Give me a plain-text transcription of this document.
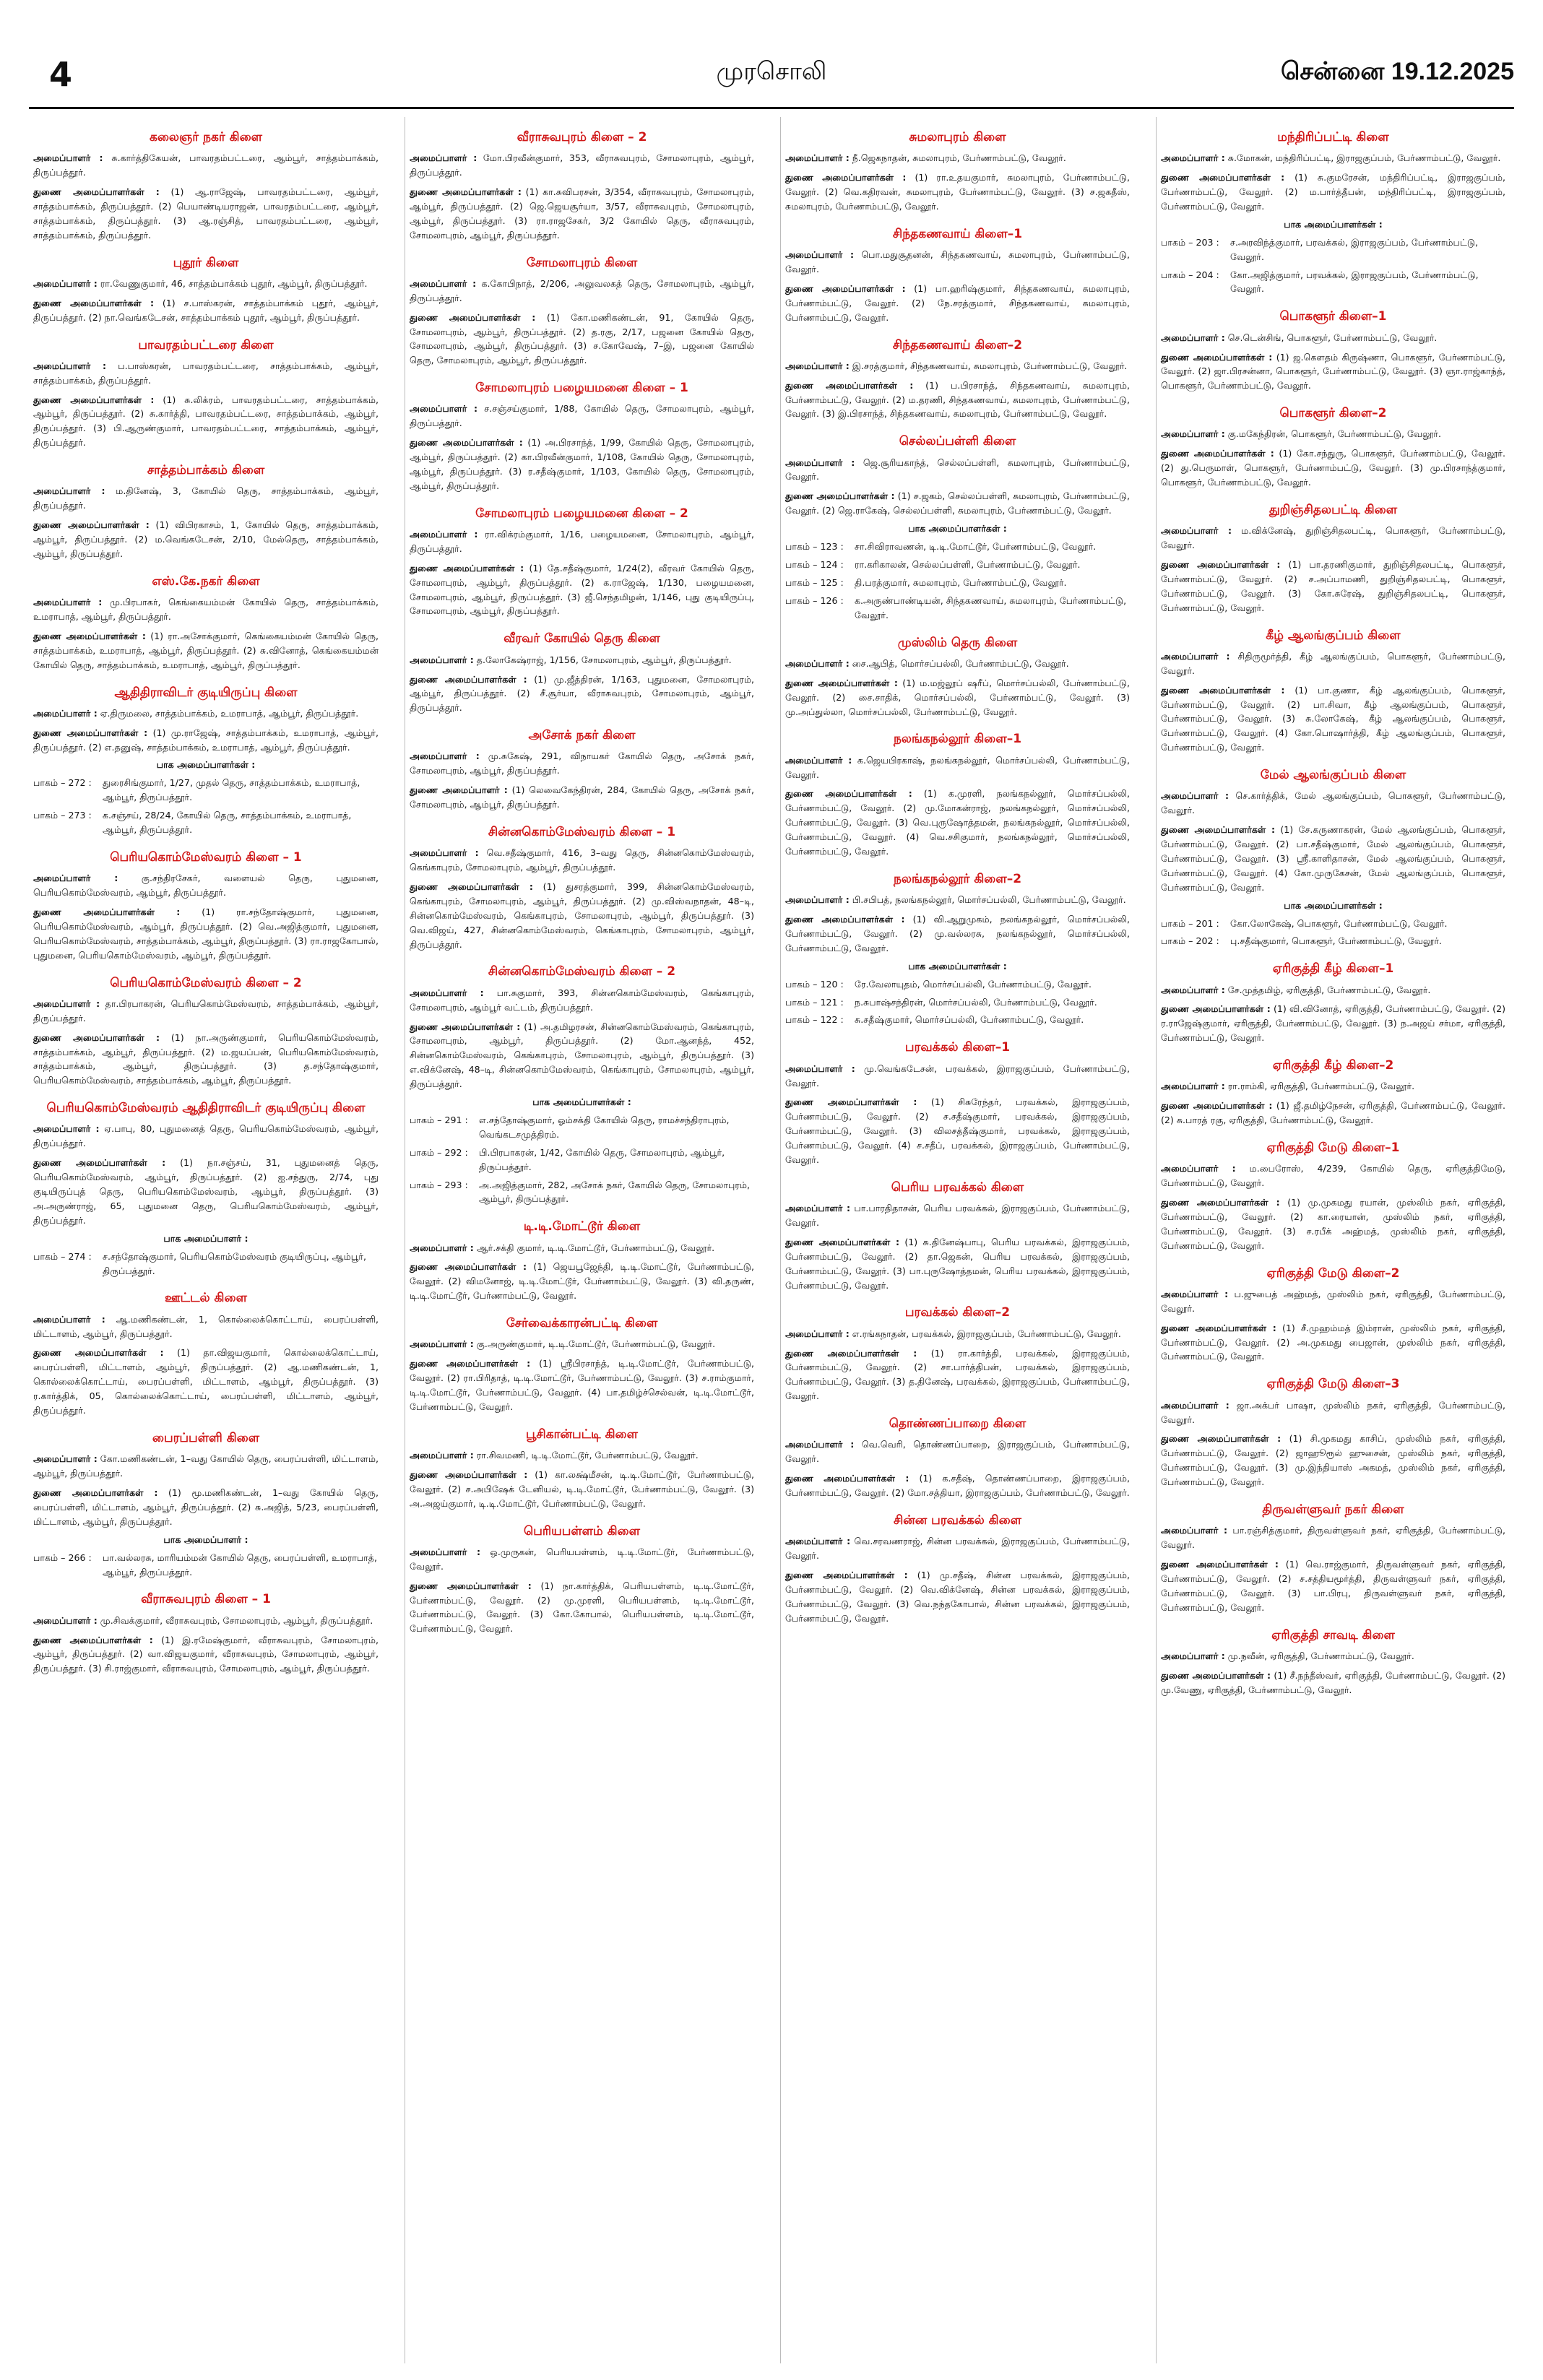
4	முரசொலி	சென்னை 19.12.2025
கலைஞர் நகர் கிளை
அமைப்பாளர் : சு.கார்த்திகேயன், பாவரதம்பட்டரை, ஆம்பூர், சாத்தம்பாக்கம், திருப்பத்தூர்.
துணை அமைப்பாளர்கள் : (1) ஆ.ராஜேஷ், பாவரதம்பட்டரை, ஆம்பூர், சாத்தம்பாக்கம், திருப்பத்தூர். (2) பெயாண்டியராஜன், பாவரதம்பட்டரை, ஆம்பூர், சாத்தம்பாக்கம், திருப்பத்தூர். (3) ஆ.ரஞ்சித், பாவரதம்பட்டரை, ஆம்பூர், சாத்தம்பாக்கம், திருப்பத்தூர்.
புதூர் கிளை
அமைப்பாளர் : ரா.வேணுகுமார், 46, சாத்தம்பாக்கம் புதூர், ஆம்பூர், திருப்பத்தூர்.
துணை அமைப்பாளர்கள் : (1) ச.பாஸ்கரன், சாத்தம்பாக்கம் புதூர், ஆம்பூர், திருப்பத்தூர். (2) நா.வெங்கடேசன், சாத்தம்பாக்கம் புதூர், ஆம்பூர், திருப்பத்தூர்.
பாவரதம்பட்டரை கிளை
அமைப்பாளர் : ப.பாஸ்கரன், பாவரதம்பட்டரை, சாத்தம்பாக்கம், ஆம்பூர், சாத்தம்பாக்கம், திருப்பத்தூர்.
துணை அமைப்பாளர்கள் : (1) சு.லிக்ரம், பாவரதம்பட்டரை, சாத்தம்பாக்கம், ஆம்பூர், திருப்பத்தூர். (2) சு.கார்த்தி, பாவரதம்பட்டரை, சாத்தம்பாக்கம், ஆம்பூர், திருப்பத்தூர். (3) பி.ஆருண்குமார், பாவரதம்பட்டரை, சாத்தம்பாக்கம், ஆம்பூர், திருப்பத்தூர்.
சாத்தம்பாக்கம் கிளை
அமைப்பாளர் : ம.தினேஷ், 3, கோயில் தெரு, சாத்தம்பாக்கம், ஆம்பூர், திருப்பத்தூர்.
துணை அமைப்பாளர்கள் : (1) விபிரகாசம், 1, கோயில் தெரு, சாத்தம்பாக்கம், ஆம்பூர், திருப்பத்தூர். (2) ம.வெங்கடேசன், 2/10, மேல்தெரு, சாத்தம்பாக்கம், ஆம்பூர், திருப்பத்தூர்.
எஸ்.கே.நகர் கிளை
அமைப்பாளர் : மு.பிரபாகர், கெங்கையம்மன் கோயில் தெரு, சாத்தம்பாக்கம், உமராபாத், ஆம்பூர், திருப்பத்தூர்.
துணை அமைப்பாளர்கள் : (1) ரா.அசோக்குமார், கெங்கையம்மன் கோயில் தெரு, சாத்தம்பாக்கம், உமராபாத், ஆம்பூர், திருப்பத்தூர். (2) சு.வினோத், கெங்கையம்மன் கோயில் தெரு, சாத்தம்பாக்கம், உமராபாத், ஆம்பூர், திருப்பத்தூர்.
ஆதிதிராவிடர் குடியிருப்பு கிளை
அமைப்பாளர் : ஏ.திருமலை, சாத்தம்பாக்கம், உமராபாத், ஆம்பூர், திருப்பத்தூர்.
துணை அமைப்பாளர்கள் : (1) மு.ராஜேஷ், சாத்தம்பாக்கம், உமராபாத், ஆம்பூர், திருப்பத்தூர். (2) எ.தனுஷ், சாத்தம்பாக்கம், உமராபாத், ஆம்பூர், திருப்பத்தூர்.
பாக அமைப்பாளர்கள் :
பாகம் – 272 :	துரைசிங்குமார், 1/27, முதல் தெரு, சாத்தம்பாக்கம், உமராபாத், ஆம்பூர், திருப்பத்தூர்.
பாகம் – 273 :	க.சஞ்சய், 28/24, கோயில் தெரு, சாத்தம்பாக்கம், உமராபாத், ஆம்பூர், திருப்பத்தூர்.
பெரியகொம்மேஸ்வரம் கிளை – 1
அமைப்பாளர் : கு.சந்திரசேகர், வளையல் தெரு, புதுமனை, பெரியகொம்மேஸ்வரம், ஆம்பூர், திருப்பத்தூர்.
துணை அமைப்பாளர்கள் : (1) ரா.சந்தோஷ்குமார், புதுமனை, பெரியகொம்மேஸ்வரம், ஆம்பூர், திருப்பத்தூர். (2) வெ.அஜித்குமார், புதுமனை, பெரியகொம்மேஸ்வரம், சாத்தம்பாக்கம், ஆம்பூர், திருப்பத்தூர். (3) ரா.ராஜகோபால், புதுமனை, பெரியகொம்மேஸ்வரம், ஆம்பூர், திருப்பத்தூர்.
பெரியகொம்மேஸ்வரம் கிளை – 2
அமைப்பாளர் : தா.பிரபாகரன், பெரியகொம்மேஸ்வரம், சாத்தம்பாக்கம், ஆம்பூர், திருப்பத்தூர்.
துணை அமைப்பாளர்கள் : (1) நா.அருண்குமார், பெரியகொம்மேஸ்வரம், சாத்தம்பாக்கம், ஆம்பூர், திருப்பத்தூர். (2) ம.ஜயப்பன், பெரியகொம்மேஸ்வரம், சாத்தம்பாக்கம், ஆம்பூர், திருப்பத்தூர். (3) த.சந்தோஷ்குமார், பெரியகொம்மேஸ்வரம், சாத்தம்பாக்கம், ஆம்பூர், திருப்பத்தூர்.
பெரியகொம்மேஸ்வரம் ஆதிதிராவிடர் குடியிருப்பு கிளை
அமைப்பாளர் : ஏ.பாபு, 80, புதுமனைத் தெரு, பெரியகொம்மேஸ்வரம், ஆம்பூர், திருப்பத்தூர்.
துணை அமைப்பாளர்கள் : (1) நா.சஞ்சய், 31, புதுமனைத் தெரு, பெரியகொம்மேஸ்வரம், ஆம்பூர், திருப்பத்தூர். (2) ஐ.சந்துரு, 2/74, புது குடியிருப்புத் தெரு, பெரியகொம்மேஸ்வரம், ஆம்பூர், திருப்பத்தூர். (3) அ.அருண்ராஜ், 65, புதுமனை தெரு, பெரியகொம்மேஸ்வரம், ஆம்பூர், திருப்பத்தூர்.
பாக அமைப்பாளர் :
பாகம் – 274 :	ச.சந்தோஷ்குமார், பெரியகொம்மேஸ்வரம் குடியிருப்பு, ஆம்பூர், திருப்பத்தூர்.
ஊட்டல் கிளை
அமைப்பாளர் : ஆ.மணிகண்டன், 1, கொல்லைக்கொட்டாய், பைரப்பள்ளி, மிட்டாளம், ஆம்பூர், திருப்பத்தூர்.
துணை அமைப்பாளர்கள் : (1) தா.விஜயகுமார், கொல்லைக்கொட்டாய், பைரப்பள்ளி, மிட்டாளம், ஆம்பூர், திருப்பத்தூர். (2) ஆ.மணிகண்டன், 1, கொல்லைக்கொட்டாய், பைரப்பள்ளி, மிட்டாளம், ஆம்பூர், திருப்பத்தூர். (3) ர.கார்த்திக், 05, கொல்லைக்கொட்டாய், பைரப்பள்ளி, மிட்டாளம், ஆம்பூர், திருப்பத்தூர்.
பைரப்பள்ளி கிளை
அமைப்பாளர் : கோ.மணிகண்டன், 1–வது கோயில் தெரு, பைரப்பள்ளி, மிட்டாளம், ஆம்பூர், திருப்பத்தூர்.
துணை அமைப்பாளர்கள் : (1) மூ.மணிகண்டன், 1–வது கோயில் தெரு, பைரப்பள்ளி, மிட்டாளம், ஆம்பூர், திருப்பத்தூர். (2) சு.அஜித், 5/23, பைரப்பள்ளி, மிட்டாளம், ஆம்பூர், திருப்பத்தூர்.
பாக அமைப்பாளர் :
பாகம் – 266 :	பா.வல்லரசு, மாரியம்மன் கோயில் தெரு, பைரப்பள்ளி, உமராபாத், ஆம்பூர், திருப்பத்தூர்.
வீராசுவபுரம் கிளை – 1
அமைப்பாளர் : மு.சிவக்குமார், வீராசுவபுரம், சோமலாபுரம், ஆம்பூர், திருப்பத்தூர்.
துணை அமைப்பாளர்கள் : (1) இ.ரமேஷ்குமார், வீராசுவபுரம், சோமலாபுரம், ஆம்பூர், திருப்பத்தூர். (2) வா.விஜயகுமார், வீராசுவபுரம், சோமலாபுரம், ஆம்பூர், திருப்பத்தூர். (3) சி.ராஜ்குமார், வீராசுவபுரம், சோமலாபுரம், ஆம்பூர், திருப்பத்தூர்.
வீராசுவபுரம் கிளை – 2
அமைப்பாளர் : மோ.பிரவீன்குமார், 353, வீராசுவபுரம், சோமலாபுரம், ஆம்பூர், திருப்பத்தூர்.
துணை அமைப்பாளர்கள் : (1) கா.சுவிபரசன், 3/354, வீராசுவபுரம், சோமலாபுரம், ஆம்பூர், திருப்பத்தூர். (2) ஜெ.ஜெயசூர்யா, 3/57, வீராசுவபுரம், சோமலாபுரம், ஆம்பூர், திருப்பத்தூர். (3) ரா.ராஜசேகர், 3/2 கோயில் தெரு, வீராசுவபுரம், சோமலாபுரம், ஆம்பூர், திருப்பத்தூர்.
சோமலாபுரம் கிளை
அமைப்பாளர் : க.கோபிநாத், 2/206, அலுவலகத் தெரு, சோமலாபுரம், ஆம்பூர், திருப்பத்தூர்.
துணை அமைப்பாளர்கள் : (1) கோ.மணிகண்டன், 91, கோயில் தெரு, சோமலாபுரம், ஆம்பூர், திருப்பத்தூர். (2) த.ரகு, 2/17, பஜனை கோயில் தெரு, சோமலாபுரம், ஆம்பூர், திருப்பத்தூர். (3) ச.கோவேஷ், 7–இ, பஜனை கோயில் தெரு, சோமலாபுரம், ஆம்பூர், திருப்பத்தூர்.
சோமலாபுரம் பழையமனை கிளை – 1
அமைப்பாளர் : ச.சஞ்சய்குமார், 1/88, கோயில் தெரு, சோமலாபுரம், ஆம்பூர், திருப்பத்தூர்.
துணை அமைப்பாளர்கள் : (1) அ.பிரசாந்த், 1/99, கோயில் தெரு, சோமலாபுரம், ஆம்பூர், திருப்பத்தூர். (2) கா.பிரவீன்குமார், 1/108, கோயில் தெரு, சோமலாபுரம், ஆம்பூர், திருப்பத்தூர். (3) ர.சதீஷ்குமார், 1/103, கோயில் தெரு, சோமலாபுரம், ஆம்பூர், திருப்பத்தூர்.
சோமலாபுரம் பழையமனை கிளை – 2
அமைப்பாளர் : ரா.விக்ரம்குமார், 1/16, பழையமனை, சோமலாபுரம், ஆம்பூர், திருப்பத்தூர்.
துணை அமைப்பாளர்கள் : (1) தே.சதீஷ்குமார், 1/24(2), வீரவர் கோயில் தெரு, சோமலாபுரம், ஆம்பூர், திருப்பத்தூர். (2) க.ராஜேஷ், 1/130, பழையமனை, சோமலாபுரம், ஆம்பூர், திருப்பத்தூர். (3) ஜீ.செந்தமிழன், 1/146, புது குடியிருப்பு, சோமலாபுரம், ஆம்பூர், திருப்பத்தூர்.
வீரவர் கோயில் தெரு கிளை
அமைப்பாளர் : த.லோகேஷ்ராஜ், 1/156, சோமலாபுரம், ஆம்பூர், திருப்பத்தூர்.
துணை அமைப்பாளர்கள் : (1) மு.ஜீத்திரன், 1/163, புதுமனை, சோமலாபுரம், ஆம்பூர், திருப்பத்தூர். (2) சீ.சூர்யா, வீராசுவபுரம், சோமலாபுரம், ஆம்பூர், திருப்பத்தூர்.
அசோக் நகர் கிளை
அமைப்பாளர் : மு.சுகேஷ், 291, விநாயகர் கோயில் தெரு, அசோக் நகர், சோமலாபுரம், ஆம்பூர், திருப்பத்தூர்.
துணை அமைப்பாளர் : (1) லெவைகேந்திரன், 284, கோயில் தெரு, அசோக் நகர், சோமலாபுரம், ஆம்பூர், திருப்பத்தூர்.
சின்னகொம்மேஸ்வரம் கிளை – 1
அமைப்பாளர் : வெ.சதீஷ்குமார், 416, 3–வது தெரு, சின்னகொம்மேஸ்வரம், கெங்காபுரம், சோமலாபுரம், ஆம்பூர், திருப்பத்தூர்.
துணை அமைப்பாளர்கள் : (1) துசரத்குமார், 399, சின்னகொம்மேஸ்வரம், கெங்காபுரம், சோமலாபுரம், ஆம்பூர், திருப்பத்தூர். (2) மு.விஸ்வநாதன், 48–டி, சின்னகொம்மேஸ்வரம், கெங்காபுரம், சோமலாபுரம், ஆம்பூர், திருப்பத்தூர். (3) வெ.விஜய், 427, சின்னகொம்மேஸ்வரம், கெங்காபுரம், சோமலாபுரம், ஆம்பூர், திருப்பத்தூர்.
சின்னகொம்மேஸ்வரம் கிளை – 2
அமைப்பாளர் : பா.சுகுமார், 393, சின்னகொம்மேஸ்வரம், கெங்காபுரம், சோமலாபுரம், ஆம்பூர் வட்டம், திருப்பத்தூர்.
துணை அமைப்பாளர்கள் : (1) அ.தமிழரசன், சின்னகொம்மேஸ்வரம், கெங்காபுரம், சோமலாபுரம், ஆம்பூர், திருப்பத்தூர். (2) மோ.ஆனந்த், 452, சின்னகொம்மேஸ்வரம், கெங்காபுரம், சோமலாபுரம், ஆம்பூர், திருப்பத்தூர். (3) எ.விக்னேஷ், 48–டி, சின்னகொம்மேஸ்வரம், கெங்காபுரம், சோமலாபுரம், ஆம்பூர், திருப்பத்தூர்.
பாக அமைப்பாளர்கள் :
பாகம் – 291 :	எ.சந்தோஷ்குமார், ஓம்சக்தி கோயில் தெரு, ராமச்சந்திராபுரம், வெங்கடசமுத்திரம்.
பாகம் – 292 :	பி.பிரபாகரன், 1/42, கோயில் தெரு, சோமலாபுரம், ஆம்பூர், திருப்பத்தூர்.
பாகம் – 293 :	அ.அஜித்குமார், 282, அசோக் நகர், கோயில் தெரு, சோமலாபுரம், ஆம்பூர், திருப்பத்தூர்.
டி.டி.மோட்டூர் கிளை
அமைப்பாளர் : ஆர்.சக்தி குமார், டி.டி.மோட்டூர், பேர்ணாம்பட்டு, வேலூர்.
துணை அமைப்பாளர்கள் : (1) ஜெயபூஜேந்தி, டி.டி.மோட்டூர், பேர்ணாம்பட்டு, வேலூர். (2) விமனோஜ், டி.டி.மோட்டூர், பேர்ணாம்பட்டு, வேலூர். (3) வி.தருண், டி.டி.மோட்டூர், பேர்ணாம்பட்டு, வேலூர்.
சேர்வைக்காரன்பட்டி கிளை
அமைப்பாளர் : கு.அருண்குமார், டி.டி.மோட்டூர், பேர்ணாம்பட்டு, வேலூர்.
துணை அமைப்பாளர்கள் : (1) ஸ்ரீபிரசாந்த், டி.டி.மோட்டூர், பேர்ணாம்பட்டு, வேலூர். (2) ரா.பிரிதாத், டி.டி.மோட்டூர், பேர்ணாம்பட்டு, வேலூர். (3) ச.ராம்குமார், டி.டி.மோட்டூர், பேர்ணாம்பட்டு, வேலூர். (4) பா.தமிழ்ச்செல்வன், டி.டி.மோட்டூர், பேர்ணாம்பட்டு, வேலூர்.
பூசிகான்பட்டி கிளை
அமைப்பாளர் : ரா.சிவமணி, டி.டி.மோட்டூர், பேர்ணாம்பட்டு, வேலூர்.
துணை அமைப்பாளர்கள் : (1) கா.லக்ஷ்மீசன், டி.டி.மோட்டூர், பேர்ணாம்பட்டு, வேலூர். (2) ச.அபிஷேக் டேனியல், டி.டி.மோட்டூர், பேர்ணாம்பட்டு, வேலூர். (3) அ.அஜய்குமார், டி.டி.மோட்டூர், பேர்ணாம்பட்டு, வேலூர்.
பெரியபள்ளம் கிளை
அமைப்பாளர் : ஒ.முருகன், பெரியபள்ளம், டி.டி.மோட்டூர், பேர்ணாம்பட்டு, வேலூர்.
துணை அமைப்பாளர்கள் : (1) நா.கார்த்திக், பெரியபள்ளம், டி.டி.மோட்டூர், பேர்ணாம்பட்டு, வேலூர். (2) மு.முரளி, பெரியபள்ளம், டி.டி.மோட்டூர், பேர்ணாம்பட்டு, வேலூர். (3) கோ.கோபால், பெரியபள்ளம், டி.டி.மோட்டூர், பேர்ணாம்பட்டு, வேலூர்.
சுமலாபுரம் கிளை
அமைப்பாளர் : நீ.ஜெகநாதன், சுமலாபுரம், பேர்ணாம்பட்டு, வேலூர்.
துணை அமைப்பாளர்கள் : (1) ரா.உதயகுமார், சுமலாபுரம், பேர்ணாம்பட்டு, வேலூர். (2) வெ.கதிரவன், சுமலாபுரம், பேர்ணாம்பட்டு, வேலூர். (3) ச.ஜகதீஸ், சுமலாபுரம், பேர்ணாம்பட்டு, வேலூர்.
சிந்தகணவாய் கிளை–1
அமைப்பாளர் : பொ.மதுசூதனன், சிந்தகணவாய், சுமலாபுரம், பேர்ணாம்பட்டு, வேலூர்.
துணை அமைப்பாளர்கள் : (1) பா.ஹரிஷ்குமார், சிந்தகணவாய், சுமலாபுரம், பேர்ணாம்பட்டு, வேலூர். (2) நே.சரத்குமார், சிந்தகணவாய், சுமலாபுரம், பேர்ணாம்பட்டு, வேலூர்.
சிந்தகணவாய் கிளை–2
அமைப்பாளர் : இ.சரத்குமார், சிந்தகணவாய், சுமலாபுரம், பேர்ணாம்பட்டு, வேலூர்.
துணை அமைப்பாளர்கள் : (1) ப.பிரசாந்த், சிந்தகணவாய், சுமலாபுரம், பேர்ணாம்பட்டு, வேலூர். (2) ம.தரணி, சிந்தகணவாய், சுமலாபுரம், பேர்ணாம்பட்டு, வேலூர். (3) இ.பிரசாந்த், சிந்தகணவாய், சுமலாபுரம், பேர்ணாம்பட்டு, வேலூர்.
செல்லப்பள்ளி கிளை
அமைப்பாளர் : ஜெ.சூரியகாந்த், செல்லப்பள்ளி, சுமலாபுரம், பேர்ணாம்பட்டு, வேலூர்.
துணை அமைப்பாளர்கள் : (1) ச.ஜகம், செல்லப்பள்ளி, சுமலாபுரம், பேர்ணாம்பட்டு, வேலூர். (2) ஜெ.ராகேஷ், செல்லப்பள்ளி, சுமலாபுரம், பேர்ணாம்பட்டு, வேலூர்.
பாக அமைப்பாளர்கள் :
பாகம் – 123 :	சா.சிவிராவணன், டி.டி.மோட்டூர், பேர்ணாம்பட்டு, வேலூர்.
பாகம் – 124 :	ரா.கரிகாலன், செல்லப்பள்ளி, பேர்ணாம்பட்டு, வேலூர்.
பாகம் – 125 :	தி.பரத்குமார், சுமலாபுரம், பேர்ணாம்பட்டு, வேலூர்.
பாகம் – 126 :	க.அருண்பாண்டியன், சிந்தகணவாய், சுமலாபுரம், பேர்ணாம்பட்டு, வேலூர்.
முஸ்லிம் தெரு கிளை
அமைப்பாளர் : சை.ஆபித், மொர்சப்பல்லி, பேர்ணாம்பட்டு, வேலூர்.
துணை அமைப்பாளர்கள் : (1) ம.மஜ்லூப் ஷரீப், மொர்சப்பல்லி, பேர்ணாம்பட்டு, வேலூர். (2) சை.சாதிக், மொர்சப்பல்லி, பேர்ணாம்பட்டு, வேலூர். (3) மு.அப்துல்லா, மொர்சப்பல்லி, பேர்ணாம்பட்டு, வேலூர்.
நலங்கநல்லூர் கிளை–1
அமைப்பாளர் : க.ஜெயபிரகாஷ், நலங்கநல்லூர், மொர்சப்பல்லி, பேர்ணாம்பட்டு, வேலூர்.
துணை அமைப்பாளர்கள் : (1) க.முரளி, நலங்கநல்லூர், மொர்சப்பல்லி, பேர்ணாம்பட்டு, வேலூர். (2) மு.மோகன்ராஜ், நலங்கநல்லூர், மொர்சப்பல்லி, பேர்ணாம்பட்டு, வேலூர். (3) வெ.புருஷோத்தமன், நலங்கநல்லூர், மொர்சப்பல்லி, பேர்ணாம்பட்டு, வேலூர். (4) வெ.சசிகுமார், நலங்கநல்லூர், மொர்சப்பல்லி, பேர்ணாம்பட்டு, வேலூர்.
நலங்கநல்லூர் கிளை–2
அமைப்பாளர் : பி.சபிபத், நலங்கநல்லூர், மொர்சப்பல்லி, பேர்ணாம்பட்டு, வேலூர்.
துணை அமைப்பாளர்கள் : (1) வி.ஆறுமுகம், நலங்கநல்லூர், மொர்சப்பல்லி, பேர்ணாம்பட்டு, வேலூர். (2) மு.வல்லரசு, நலங்கநல்லூர், மொர்சப்பல்லி, பேர்ணாம்பட்டு, வேலூர்.
பாக அமைப்பாளர்கள் :
பாகம் – 120 :	ரே.வேலாயுதம், மொர்சப்பல்லி, பேர்ணாம்பட்டு, வேலூர்.
பாகம் – 121 :	ந.சுபாஷ்சந்திரன், மொர்சப்பல்லி, பேர்ணாம்பட்டு, வேலூர்.
பாகம் – 122 :	சு.சதீஷ்குமார், மொர்சப்பல்லி, பேர்ணாம்பட்டு, வேலூர்.
பரவக்கல் கிளை–1
அமைப்பாளர் : மு.வெங்கடேசன், பரவக்கல், இராஜகுப்பம், பேர்ணாம்பட்டு, வேலூர்.
துணை அமைப்பாளர்கள் : (1) சிசுரேந்தர், பரவக்கல், இராஜகுப்பம், பேர்ணாம்பட்டு, வேலூர். (2) ச.சதீஷ்குமார், பரவக்கல், இராஜகுப்பம், பேர்ணாம்பட்டு, வேலூர். (3) விலசத்தீஷ்குமார், பரவக்கல், இராஜகுப்பம், பேர்ணாம்பட்டு, வேலூர். (4) ச.சதீப், பரவக்கல், இராஜகுப்பம், பேர்ணாம்பட்டு, வேலூர்.
பெரிய பரவக்கல் கிளை
அமைப்பாளர் : பா.பாரதிதாசன், பெரிய பரவக்கல், இராஜகுப்பம், பேர்ணாம்பட்டு, வேலூர்.
துணை அமைப்பாளர்கள் : (1) சு.தினேஷ்பாபு, பெரிய பரவக்கல், இராஜகுப்பம், பேர்ணாம்பட்டு, வேலூர். (2) தா.ஜெகன், பெரிய பரவக்கல், இராஜகுப்பம், பேர்ணாம்பட்டு, வேலூர். (3) பா.புருஷோத்தமன், பெரிய பரவக்கல், இராஜகுப்பம், பேர்ணாம்பட்டு, வேலூர்.
பரவக்கல் கிளை–2
அமைப்பாளர் : எ.ரங்கநாதன், பரவக்கல், இராஜகுப்பம், பேர்ணாம்பட்டு, வேலூர்.
துணை அமைப்பாளர்கள் : (1) ரா.கார்த்தி, பரவக்கல், இராஜகுப்பம், பேர்ணாம்பட்டு, வேலூர். (2) சா.பார்த்திபன், பரவக்கல், இராஜகுப்பம், பேர்ணாம்பட்டு, வேலூர். (3) த.தினேஷ், பரவக்கல், இராஜகுப்பம், பேர்ணாம்பட்டு, வேலூர்.
தொண்ணப்பாறை கிளை
அமைப்பாளர் : வெ.வெரி, தொண்ணப்பாறை, இராஜகுப்பம், பேர்ணாம்பட்டு, வேலூர்.
துணை அமைப்பாளர்கள் : (1) க.சதீஷ், தொண்ணப்பாறை, இராஜகுப்பம், பேர்ணாம்பட்டு, வேலூர். (2) மோ.சத்தியா, இராஜகுப்பம், பேர்ணாம்பட்டு, வேலூர்.
சின்ன பரவக்கல் கிளை
அமைப்பாளர் : வெ.சரவணராஜ், சின்ன பரவக்கல், இராஜகுப்பம், பேர்ணாம்பட்டு, வேலூர்.
துணை அமைப்பாளர்கள் : (1) மு.சதீஷ், சின்ன பரவக்கல், இராஜகுப்பம், பேர்ணாம்பட்டு, வேலூர். (2) வெ.விக்னேஷ், சின்ன பரவக்கல், இராஜகுப்பம், பேர்ணாம்பட்டு, வேலூர். (3) வெ.நந்தகோபால், சின்ன பரவக்கல், இராஜகுப்பம், பேர்ணாம்பட்டு, வேலூர்.
மந்திரிப்பட்டி கிளை
அமைப்பாளர் : சு.மோகன், மந்திரிப்பட்டி, இராஜகுப்பம், பேர்ணாம்பட்டு, வேலூர்.
துணை அமைப்பாளர்கள் : (1) சு.குமரேசன், மந்திரிப்பட்டி, இராஜகுப்பம், பேர்ணாம்பட்டு, வேலூர். (2) ம.பார்த்தீபன், மந்திரிப்பட்டி, இராஜகுப்பம், பேர்ணாம்பட்டு, வேலூர்.
பாக அமைப்பாளர்கள் :
பாகம் – 203 :	ச.அரவிந்த்குமார், பரவக்கல், இராஜகுப்பம், பேர்ணாம்பட்டு, வேலூர்.
பாகம் – 204 :	கோ.அஜித்குமார், பரவக்கல், இராஜகுப்பம், பேர்ணாம்பட்டு, வேலூர்.
பொகளூர் கிளை–1
அமைப்பாளர் : செ.டென்சிங், பொகளூர், பேர்ணாம்பட்டு, வேலூர்.
துணை அமைப்பாளர்கள் : (1) ஜ.கௌதம் கிருஷ்ணா, பொகளூர், பேர்ணாம்பட்டு, வேலூர். (2) ஜா.பிரசன்னா, பொகளூர், பேர்ணாம்பட்டு, வேலூர். (3) ஞா.ராஜ்காந்த், பொகளூர், பேர்ணாம்பட்டு, வேலூர்.
பொகளூர் கிளை–2
அமைப்பாளர் : கு.மகேந்திரன், பொகளூர், பேர்ணாம்பட்டு, வேலூர்.
துணை அமைப்பாளர்கள் : (1) கோ.சந்துரு, பொகளூர், பேர்ணாம்பட்டு, வேலூர். (2) து.பெருமாள், பொகளூர், பேர்ணாம்பட்டு, வேலூர். (3) மு.பிரசாந்த்குமார், பொகளூர், பேர்ணாம்பட்டு, வேலூர்.
துறிஞ்சிதலபட்டி கிளை
அமைப்பாளர் : ம.விக்னேஷ், துறிஞ்சிதலபட்டி, பொகளூர், பேர்ணாம்பட்டு, வேலூர்.
துணை அமைப்பாளர்கள் : (1) பா.தரணிகுமார், துறிஞ்சிதலபட்டி, பொகளூர், பேர்ணாம்பட்டு, வேலூர். (2) ச.அப்பாமணி, துறிஞ்சிதலபட்டி, பொகளூர், பேர்ணாம்பட்டு, வேலூர். (3) கோ.சுரேஷ், துறிஞ்சிதலபட்டி, பொகளூர், பேர்ணாம்பட்டு, வேலூர்.
கீழ் ஆலங்குப்பம் கிளை
அமைப்பாளர் : சிதிருமூர்த்தி, கீழ் ஆலங்குப்பம், பொகளூர், பேர்ணாம்பட்டு, வேலூர்.
துணை அமைப்பாளர்கள் : (1) பா.குணா, கீழ் ஆலங்குப்பம், பொகளூர், பேர்ணாம்பட்டு, வேலூர். (2) பா.சிவா, கீழ் ஆலங்குப்பம், பொகளூர், பேர்ணாம்பட்டு, வேலூர். (3) சு.லோகேஷ், கீழ் ஆலங்குப்பம், பொகளூர், பேர்ணாம்பட்டு, வேலூர். (4) கோ.பொஷார்த்தி, கீழ் ஆலங்குப்பம், பொகளூர், பேர்ணாம்பட்டு, வேலூர்.
மேல் ஆலங்குப்பம் கிளை
அமைப்பாளர் : செ.கார்த்திக், மேல் ஆலங்குப்பம், பொகளூர், பேர்ணாம்பட்டு, வேலூர்.
துணை அமைப்பாளர்கள் : (1) சே.கருணாகரன், மேல் ஆலங்குப்பம், பொகளூர், பேர்ணாம்பட்டு, வேலூர். (2) பா.சதீஷ்குமார், மேல் ஆலங்குப்பம், பொகளூர், பேர்ணாம்பட்டு, வேலூர். (3) ஸ்ரீ.காளிதாசன், மேல் ஆலங்குப்பம், பொகளூர், பேர்ணாம்பட்டு, வேலூர். (4) கோ.முருகேசன், மேல் ஆலங்குப்பம், பொகளூர், பேர்ணாம்பட்டு, வேலூர்.
பாக அமைப்பாளர்கள் :
பாகம் – 201 :	கோ.லோகேஷ், பொகளூர், பேர்ணாம்பட்டு, வேலூர்.
பாகம் – 202 :	பு.சதீஷ்குமார், பொகளூர், பேர்ணாம்பட்டு, வேலூர்.
ஏரிகுத்தி கீழ் கிளை–1
அமைப்பாளர் : சே.முத்தமிழ், ஏரிகுத்தி, பேர்ணாம்பட்டு, வேலூர்.
துணை அமைப்பாளர்கள் : (1) வி.வினோத், ஏரிகுத்தி, பேர்ணாம்பட்டு, வேலூர். (2) ர.ராஜேஷ்குமார், ஏரிகுத்தி, பேர்ணாம்பட்டு, வேலூர். (3) ந.அஜய் சர்மா, ஏரிகுத்தி, பேர்ணாம்பட்டு, வேலூர்.
ஏரிகுத்தி கீழ் கிளை–2
அமைப்பாளர் : ரா.ராம்கி, ஏரிகுத்தி, பேர்ணாம்பட்டு, வேலூர்.
துணை அமைப்பாளர்கள் : (1) ஜீ.தமிழ்நேசன், ஏரிகுத்தி, பேர்ணாம்பட்டு, வேலூர். (2) சு.பாரத் ரகு, ஏரிகுத்தி, பேர்ணாம்பட்டு, வேலூர்.
ஏரிகுத்தி மேடு கிளை–1
அமைப்பாளர் : ம.பைரோஸ், 4/239, கோயில் தெரு, ஏரிகுத்திமேடு, பேர்ணாம்பட்டு, வேலூர்.
துணை அமைப்பாளர்கள் : (1) மு.முகமது ரயான், முஸ்லிம் நகர், ஏரிகுத்தி, பேர்ணாம்பட்டு, வேலூர். (2) கா.ரையான், முஸ்லிம் நகர், ஏரிகுத்தி, பேர்ணாம்பட்டு, வேலூர். (3) ச.ரபீக் அஹ்மத், முஸ்லிம் நகர், ஏரிகுத்தி, பேர்ணாம்பட்டு, வேலூர்.
ஏரிகுத்தி மேடு கிளை–2
அமைப்பாளர் : ப.ஜுபைத் அஹ்மத், முஸ்லிம் நகர், ஏரிகுத்தி, பேர்ணாம்பட்டு, வேலூர்.
துணை அமைப்பாளர்கள் : (1) சீ.முஹம்மத் இம்ரான், முஸ்லிம் நகர், ஏரிகுத்தி, பேர்ணாம்பட்டு, வேலூர். (2) அ.முகமது பைஜான், முஸ்லிம் நகர், ஏரிகுத்தி, பேர்ணாம்பட்டு, வேலூர்.
ஏரிகுத்தி மேடு கிளை–3
அமைப்பாளர் : ஜா.அக்பர் பாஷா, முஸ்லிம் நகர், ஏரிகுத்தி, பேர்ணாம்பட்டு, வேலூர்.
துணை அமைப்பாளர்கள் : (1) சி.முகமது காசிப், முஸ்லிம் நகர், ஏரிகுத்தி, பேர்ணாம்பட்டு, வேலூர். (2) ஜாஹூரூல் ஹுசைன், முஸ்லிம் நகர், ஏரிகுத்தி, பேர்ணாம்பட்டு, வேலூர். (3) மு.இந்தியாஸ் அகமத், முஸ்லிம் நகர், ஏரிகுத்தி, பேர்ணாம்பட்டு, வேலூர்.
திருவள்ளுவர் நகர் கிளை
அமைப்பாளர் : பா.ரஞ்சித்குமார், திருவள்ளுவர் நகர், ஏரிகுத்தி, பேர்ணாம்பட்டு, வேலூர்.
துணை அமைப்பாளர்கள் : (1) வெ.ராஜ்குமார், திருவள்ளுவர் நகர், ஏரிகுத்தி, பேர்ணாம்பட்டு, வேலூர். (2) ச.சத்தியமூர்த்தி, திருவள்ளுவர் நகர், ஏரிகுத்தி, பேர்ணாம்பட்டு, வேலூர். (3) பா.பிரபு, திருவள்ளுவர் நகர், ஏரிகுத்தி, பேர்ணாம்பட்டு, வேலூர்.
ஏரிகுத்தி சாவடி கிளை
அமைப்பாளர் : மு.நவீன், ஏரிகுத்தி, பேர்ணாம்பட்டு, வேலூர்.
துணை அமைப்பாளர்கள் : (1) சீ.நந்தீஸ்வர், ஏரிகுத்தி, பேர்ணாம்பட்டு, வேலூர். (2) மு.வேணு, ஏரிகுத்தி, பேர்ணாம்பட்டு, வேலூர்.
